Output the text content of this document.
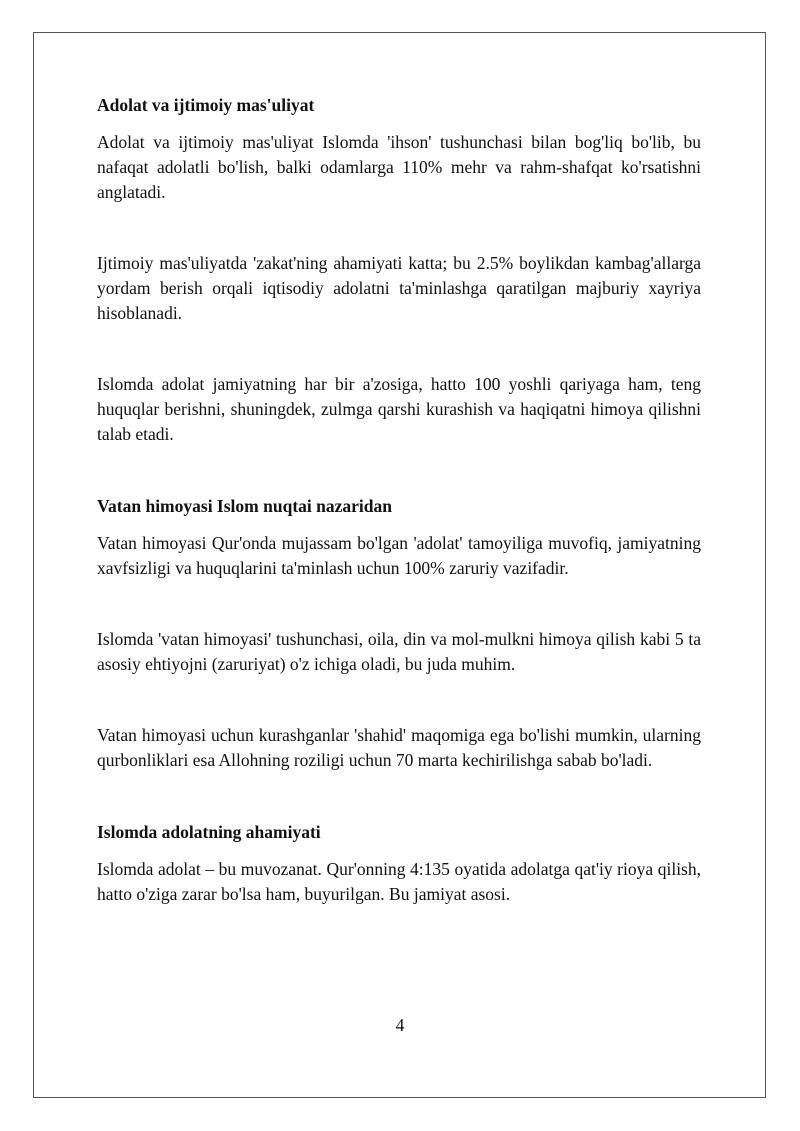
Adolat va ijtimoiy mas'uliyat

Adolat va ijtimoiy mas'uliyat Islomda 'ihson' tushunchasi bilan bog'liq bo'lib, bu nafaqat adolatli bo'lish, balki odamlarga 110% mehr va rahm-shafqat ko'rsatishni anglatadi.

Ijtimoiy mas'uliyatda 'zakat'ning ahamiyati katta; bu 2.5% boylikdan kambag'allarga yordam berish orqali iqtisodiy adolatni ta'minlashga qaratilgan majburiy xayriya hisoblanadi.

Islomda adolat jamiyatning har bir a'zosiga, hatto 100 yoshli qariyaga ham, teng huquqlar berishni, shuningdek, zulmga qarshi kurashish va haqiqatni himoya qilishni talab etadi.

Vatan himoyasi Islom nuqtai nazaridan

Vatan himoyasi Qur'onda mujassam bo'lgan 'adolat' tamoyiliga muvofiq, jamiyatning xavfsizligi va huquqlarini ta'minlash uchun 100% zaruriy vazifadir.

Islomda 'vatan himoyasi' tushunchasi, oila, din va mol-mulkni himoya qilish kabi 5 ta asosiy ehtiyojni (zaruriyat) o'z ichiga oladi, bu juda muhim.

Vatan himoyasi uchun kurashganlar 'shahid' maqomiga ega bo'lishi mumkin, ularning qurbonliklari esa Allohning roziligi uchun 70 marta kechirilishga sabab bo'ladi.

Islomda adolatning ahamiyati

Islomda adolat – bu muvozanat. Qur'onning 4:135 oyatida adolatga qat'iy rioya qilish, hatto o'ziga zarar bo'lsa ham, buyurilgan. Bu jamiyat asosi.

4
